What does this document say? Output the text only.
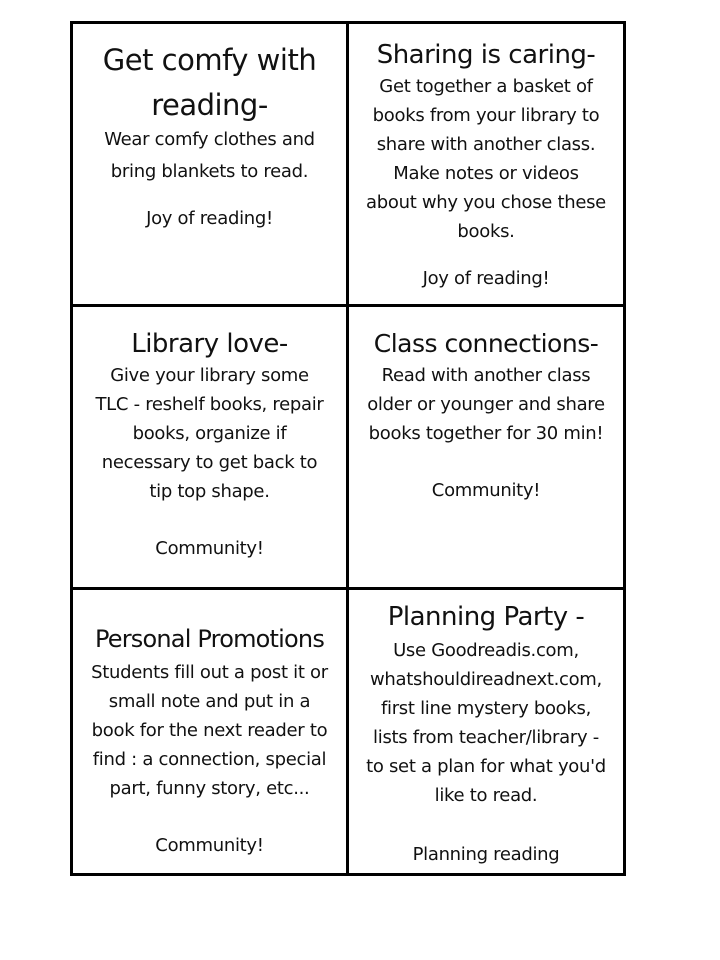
Get comfy with reading-
Wear comfy clothes and bring blankets to read.
Joy of reading!
Sharing is caring-
Get together a basket of books from your library to share with another class. Make notes or videos about why you chose these books.
Joy of reading!
Library love-
Give your library some TLC - reshelf books, repair books, organize if necessary to get back to tip top shape.
Community!
Class connections-
Read with another class older or younger and share books together for 30 min!
Community!
Personal Promotions
Students fill out a post it or small note and put in a book for the next reader to find : a connection, special part, funny story, etc...
Community!
Planning Party -
Use Goodreadis.com, whatshouldireadnext.com, first line mystery books, lists from teacher/library - to set a plan for what you'd like to read.
Planning reading
